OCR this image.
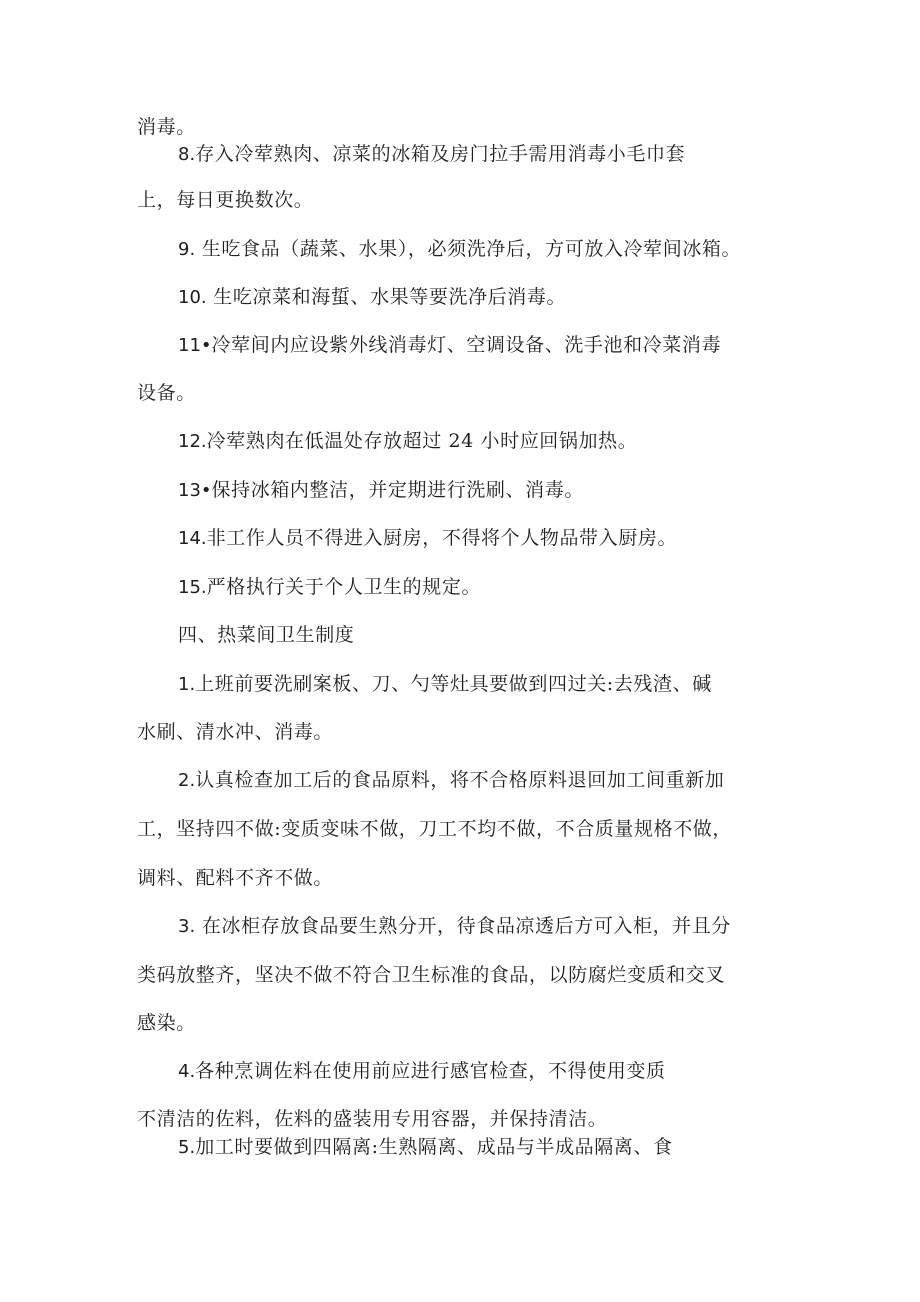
消毒。
8.存入冷荤熟肉、凉菜的冰箱及房门拉手需用消毒小毛巾套
上，每日更换数次。
9. 生吃食品（蔬菜、水果），必须洗净后，方可放入冷荤间冰箱。
10. 生吃凉菜和海蜇、水果等要洗净后消毒。
11•冷荤间内应设紫外线消毒灯、空调设备、洗手池和冷菜消毒
设备。
12.冷荤熟肉在低温处存放超过 24 小时应回锅加热。
13•保持冰箱内整洁，并定期进行洗刷、消毒。
14.非工作人员不得进入厨房，不得将个人物品带入厨房。
15.严格执行关于个人卫生的规定。
四、热菜间卫生制度
1.上班前要洗刷案板、刀、勺等灶具要做到四过关:去残渣、碱
水刷、清水冲、消毒。
2.认真检查加工后的食品原料，将不合格原料退回加工间重新加
工，坚持四不做:变质变味不做，刀工不均不做，不合质量规格不做，
调料、配料不齐不做。
3. 在冰柜存放食品要生熟分开，待食品凉透后方可入柜，并且分
类码放整齐，坚决不做不符合卫生标准的食品，以防腐烂变质和交叉
感染。
4.各种烹调佐料在使用前应进行感官检查，不得使用变质
不清洁的佐料，佐料的盛装用专用容器，并保持清洁。
5.加工时要做到四隔离:生熟隔离、成品与半成品隔离、食
